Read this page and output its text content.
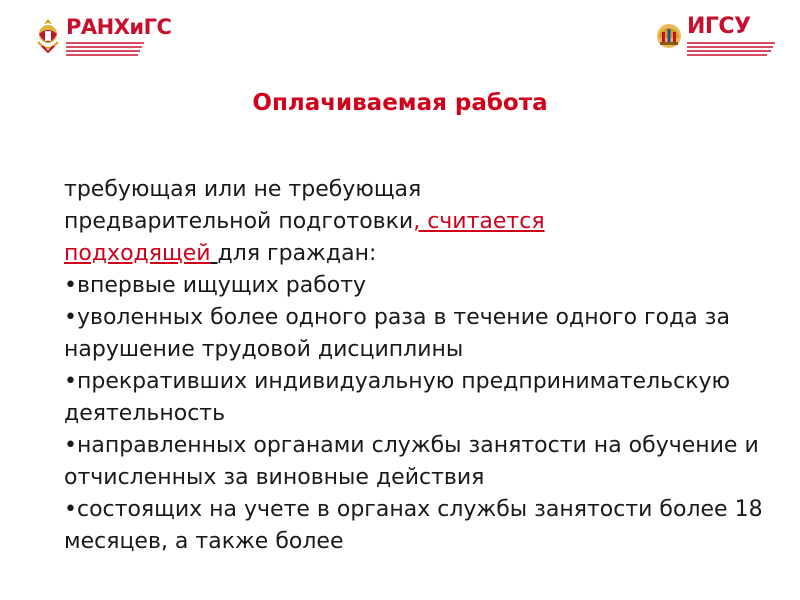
РАНХиГС	ИГСУ
Оплачиваемая работа

требующая или не требующая

предварительной подготовки, считается

подходящей для граждан:

•впервые ищущих работу

•уволенных более одного раза в течение одного года за нарушение трудовой дисциплины

•прекративших индивидуальную предпринимательскую деятельность

•направленных органами службы занятости на обучение и отчисленных за виновные действия

•состоящих на учете в органах службы занятости более 18 месяцев, а также более
